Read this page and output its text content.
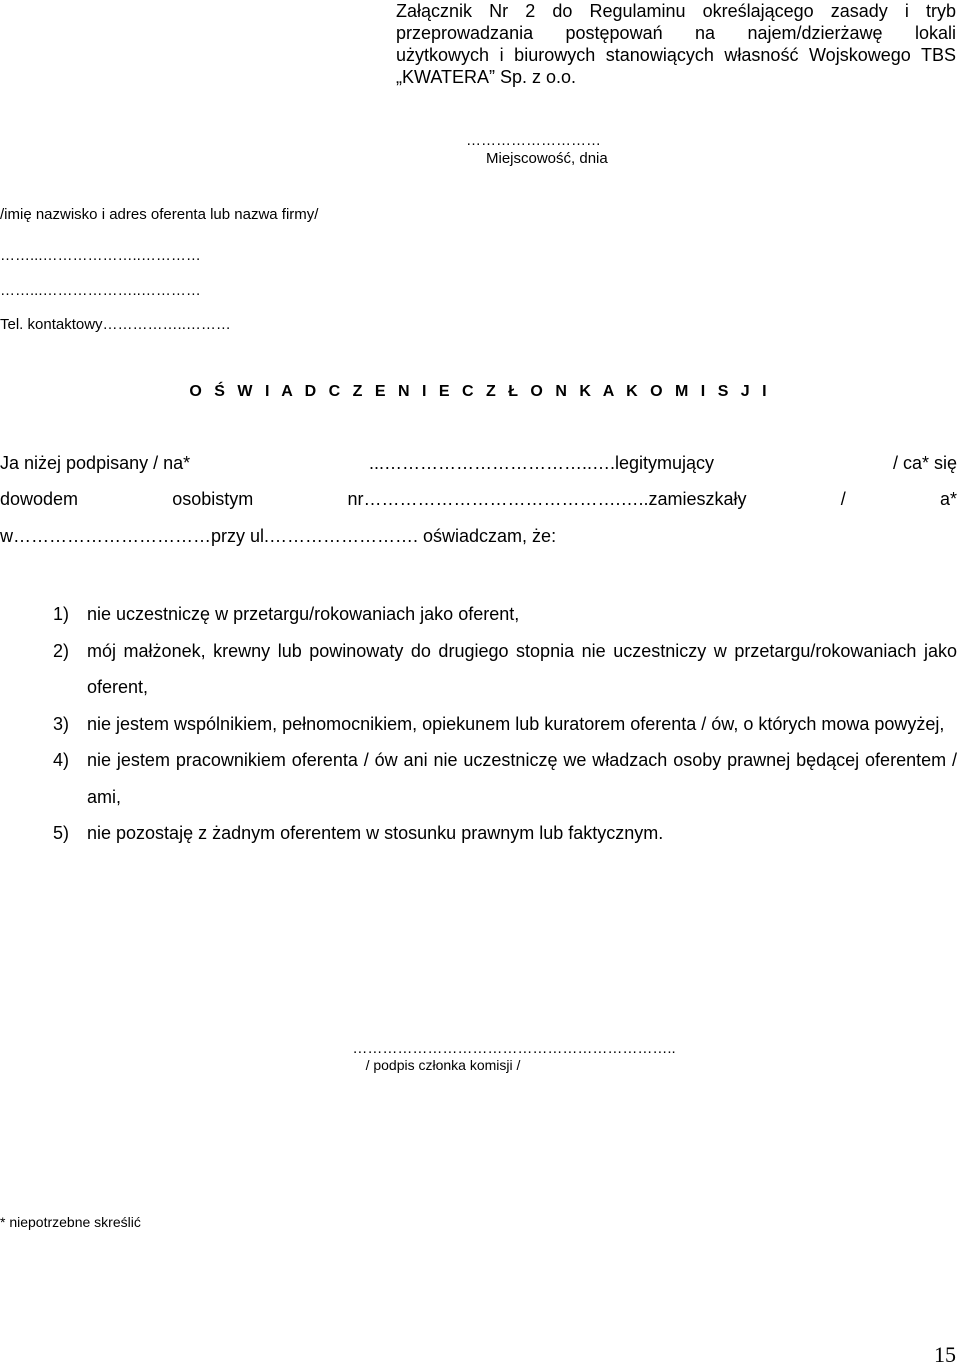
Załącznik Nr 2 do Regulaminu określającego zasady i tryb
przeprowadzania postępowań na najem/dzierżawę lokali
użytkowych i biurowych stanowiących własność Wojskowego TBS
„KWATERA” Sp. z o.o.
………………………
Miejscowość, dnia
/imię nazwisko i adres oferenta lub nazwa firmy/
……...………………..…………
……...………………..…………
Tel. kontaktowy……………..………
O Ś W I A D C Z E N I E C Z Ł O N K A K O M I S J I
Ja niżej podpisany / na*	...……………………………..….legitymujący	/ ca* się
dowodem	osobistym	nr…………………………………….…..zamieszkały	/	a*
w……………………………przy ul.……………………. oświadczam, że:
1) nie uczestniczę w przetargu/rokowaniach jako oferent,
2) mój małżonek, krewny lub powinowaty do drugiego stopnia nie uczestniczy w przetargu/rokowaniach jako oferent,
3) nie jestem wspólnikiem, pełnomocnikiem, opiekunem lub kuratorem oferenta / ów, o których mowa powyżej,
4) nie jestem pracownikiem oferenta / ów ani nie uczestniczę we władzach osoby prawnej będącej oferentem / ami,
5) nie pozostaję z żadnym oferentem w stosunku prawnym lub faktycznym.
………………………………………………………..
/ podpis członka komisji /
* niepotrzebne skreślić
15
